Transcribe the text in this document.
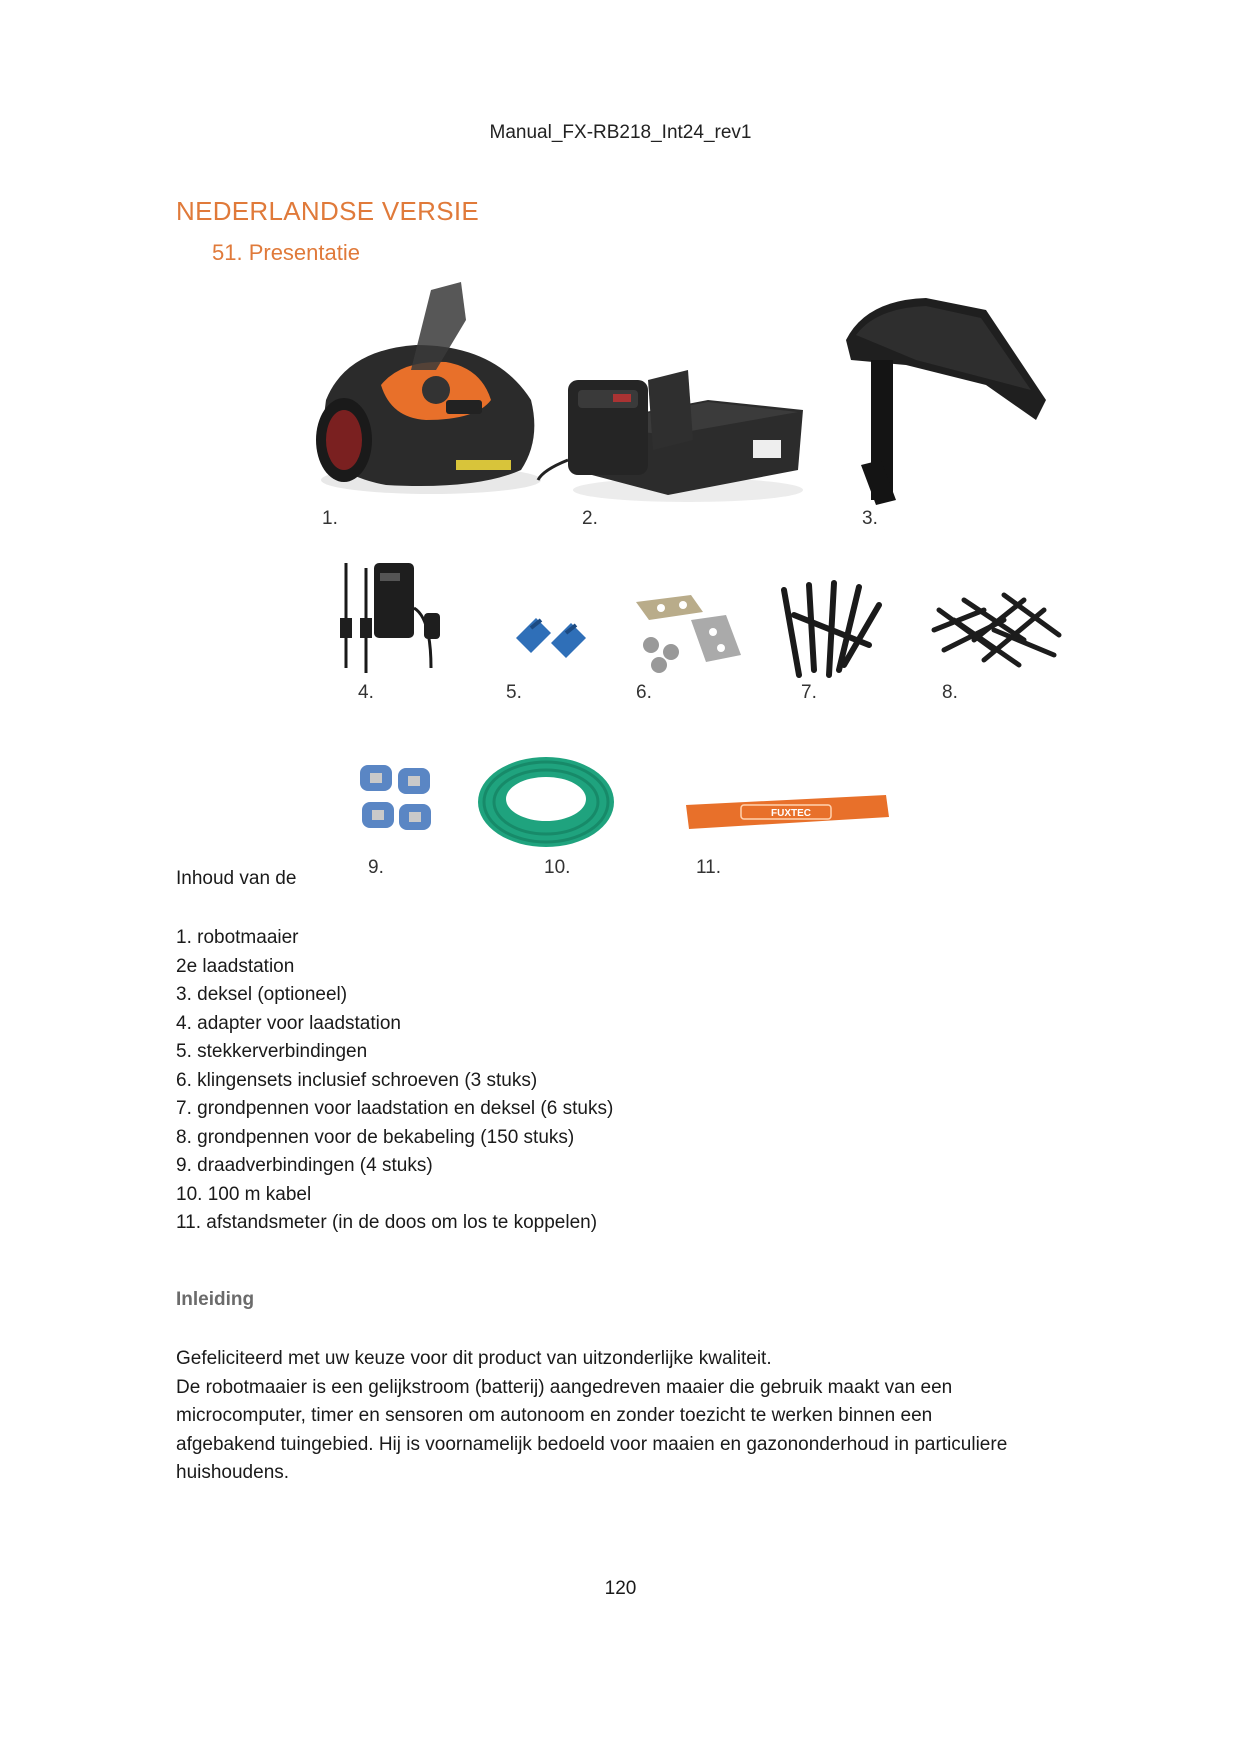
Manual_FX-RB218_Int24_rev1
NEDERLANDSE VERSIE
51. Presentatie
1.	2.	3.
4.	5.	6.	7.	8.
9.	10.
FUXTEC
11.
Inhoud van de
1. robotmaaier
2e laadstation
3. deksel (optioneel)
4. adapter voor laadstation
5. stekkerverbindingen
6. klingensets inclusief schroeven (3 stuks)
7. grondpennen voor laadstation en deksel (6 stuks)
8. grondpennen voor de bekabeling (150 stuks)
9. draadverbindingen (4 stuks)
10. 100 m kabel
11. afstandsmeter (in de doos om los te koppelen)
Inleiding

Gefeliciteerd met uw keuze voor dit product van uitzonderlijke kwaliteit.
De robotmaaier is een gelijkstroom (batterij) aangedreven maaier die gebruik maakt van een
microcomputer, timer en sensoren om autonoom en zonder toezicht te werken binnen een
afgebakend tuingebied. Hij is voornamelijk bedoeld voor maaien en gazononderhoud in particuliere
huishoudens.

120
